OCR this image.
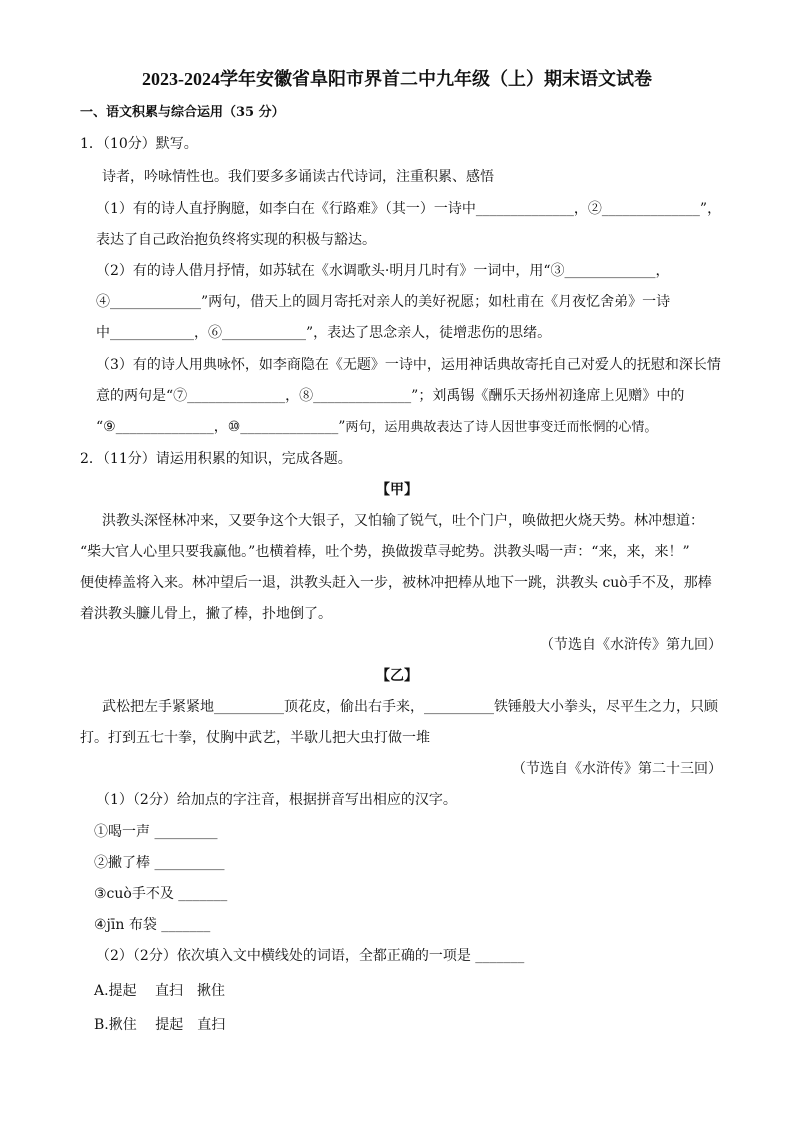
2023-2024学年安徽省阜阳市界首二中九年级（上）期末语文试卷
一、语文积累与综合运用（35 分）
1．（10分）默写。
诗者，吟咏情性也。我们要多多诵读古代诗词，注重积累、感悟
（1）有的诗人直抒胸臆，如李白在《行路难》（其一）一诗中______________，②______________”，
表达了自己政治抱负终将实现的积极与豁达。
（2）有的诗人借月抒情，如苏轼在《水调歌头·明月几时有》一词中，用“③_____________，
④_____________”两句，借天上的圆月寄托对亲人的美好祝愿；如杜甫在《月夜忆舍弟》一诗
中____________，⑥____________”，表达了思念亲人，徒增悲伤的思绪。
（3）有的诗人用典咏怀，如李商隐在《无题》一诗中，运用神话典故寄托自己对爱人的抚慰和深长情
意的两句是“⑦______________，⑧______________”；刘禹锡《酬乐天扬州初逢席上见赠》中的
“⑨______________，⑩______________”两句，运用典故表达了诗人因世事变迁而怅惘的心情。
2．（11分）请运用积累的知识，完成各题。
【甲】
洪教头深怪林冲来，又要争这个大银子，又怕输了锐气，吐个门户，唤做把火烧天势。林冲想道：
“柴大官人心里只要我赢他。”也横着棒，吐个势，换做拨草寻蛇势。洪教头喝一声：“来，来，来！”
便使棒盖将入来。林冲望后一退，洪教头赶入一步，被林冲把棒从地下一跳，洪教头 cuò手不及，那棒
着洪教头臁儿骨上，撇了棒，扑地倒了。
（节选自《水浒传》第九回）
【乙】
武松把左手紧紧地__________顶花皮，偷出右手来，__________铁锤般大小拳头，尽平生之力，只顾
打。打到五七十拳，仗胸中武艺，半歇儿把大虫打做一堆
（节选自《水浒传》第二十三回）
（1）（2分）给加点的字注音，根据拼音写出相应的汉字。
①喝一声 _________
②撇了棒 __________
③cuò手不及 _______
④jīn 布袋 _______
（2）（2分）依次填入文中横线处的词语，全都正确的一项是 _______
A.提起　 直扫　揪住
B.揪住　 提起　直扫
